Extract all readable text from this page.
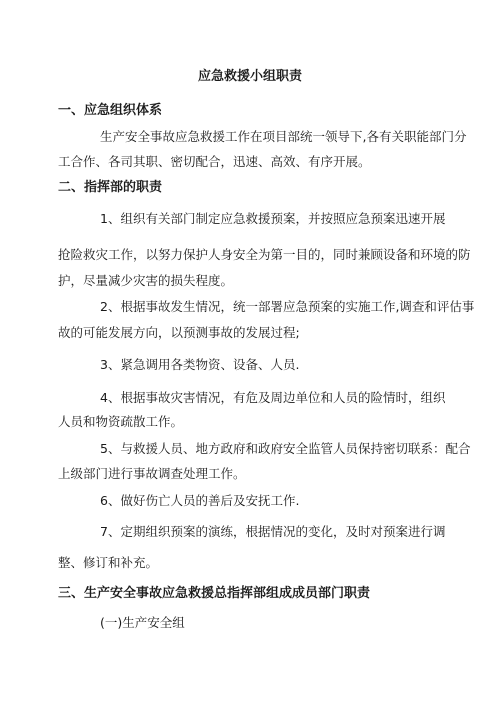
应急救援小组职责
一、应急组织体系
生产安全事故应急救援工作在项目部统一领导下,各有关职能部门分
工合作、各司其职、密切配合，迅速、高效、有序开展。
二、指挥部的职责
1、组织有关部门制定应急救援预案，并按照应急预案迅速开展
抢险救灾工作，以努力保护人身安全为第一目的，同时兼顾设备和环境的防
护，尽量减少灾害的损失程度。
2、根据事故发生情况，统一部署应急预案的实施工作,调查和评估事
故的可能发展方向，以预测事故的发展过程;
3、紧急调用各类物资、设备、人员.
4、根据事故灾害情况，有危及周边单位和人员的险情时，组织
人员和物资疏散工作。
5、与救援人员、地方政府和政府安全监管人员保持密切联系：配合
上级部门进行事故调查处理工作。
6、做好伤亡人员的善后及安抚工作.
7、定期组织预案的演练，根据情况的变化，及时对预案进行调
整、修订和补充。
三、生产安全事故应急救援总指挥部组成成员部门职责
(一)生产安全组
